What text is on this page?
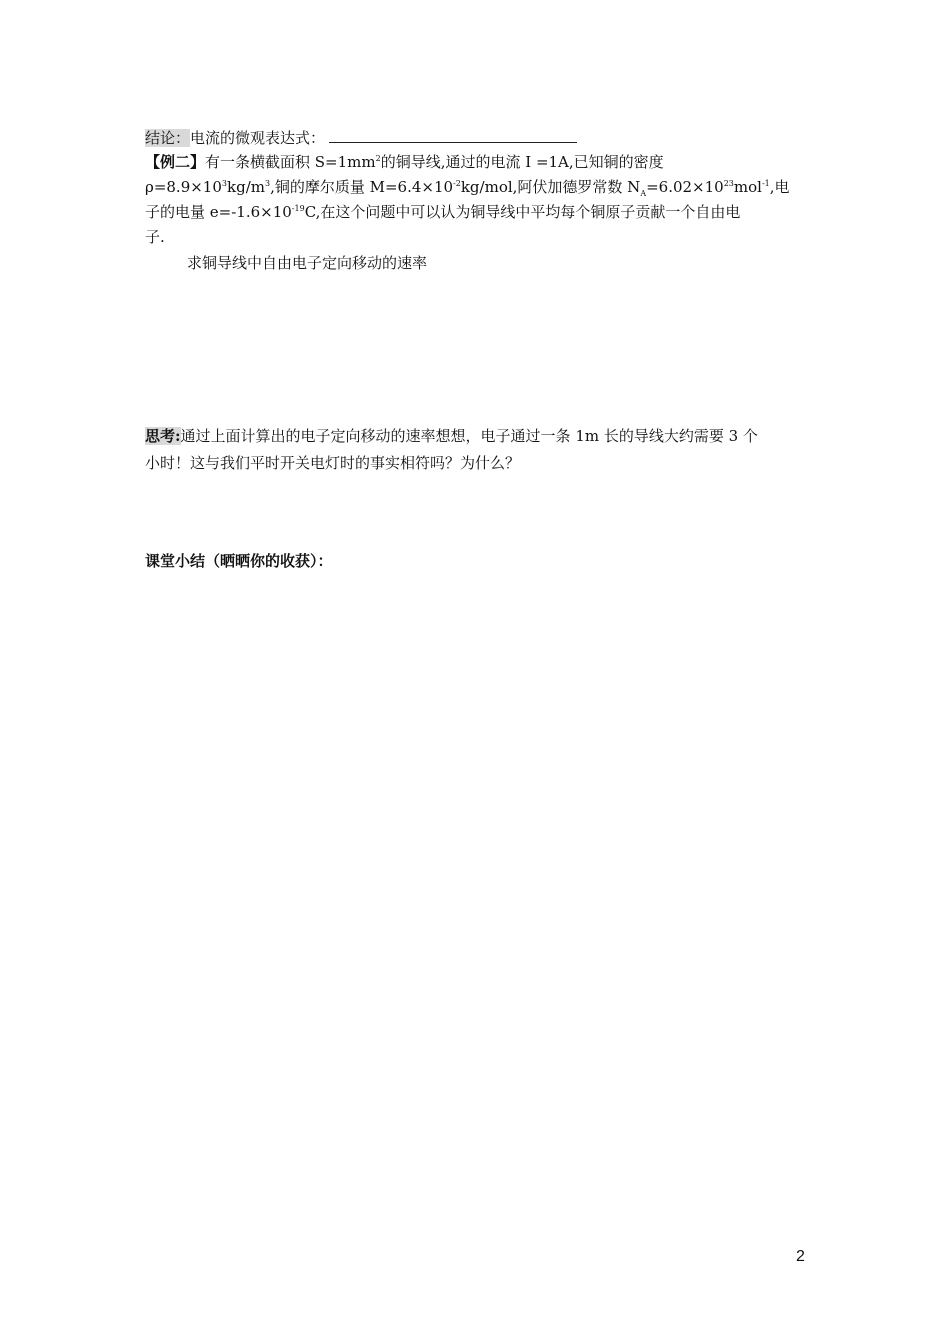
结论：电流的微观表达式：
【例二】有一条横截面积 $S=1mm^2$的铜导线,通过的电流 I =1A,已知铜的密度
$\rho=8.9\times 10^3kg/m^3$,铜的摩尔质量 $M=6.4\times 10^{-2}kg$/mol,阿伏加德罗常数 $N_A=6.02\times 10^{23}mol^{-1}$,电
子的电量 $e=-1.6\times 10^{-19}C$,在这个问题中可以认为铜导线中平均每个铜原子贡献一个自由电
子.
求铜导线中自由电子定向移动的速率
思考:通过上面计算出的电子定向移动的速率想想，电子通过一条 1m 长的导线大约需要 3 个
小时！这与我们平时开关电灯时的事实相符吗？为什么？
课堂小结（晒晒你的收获）：
2
